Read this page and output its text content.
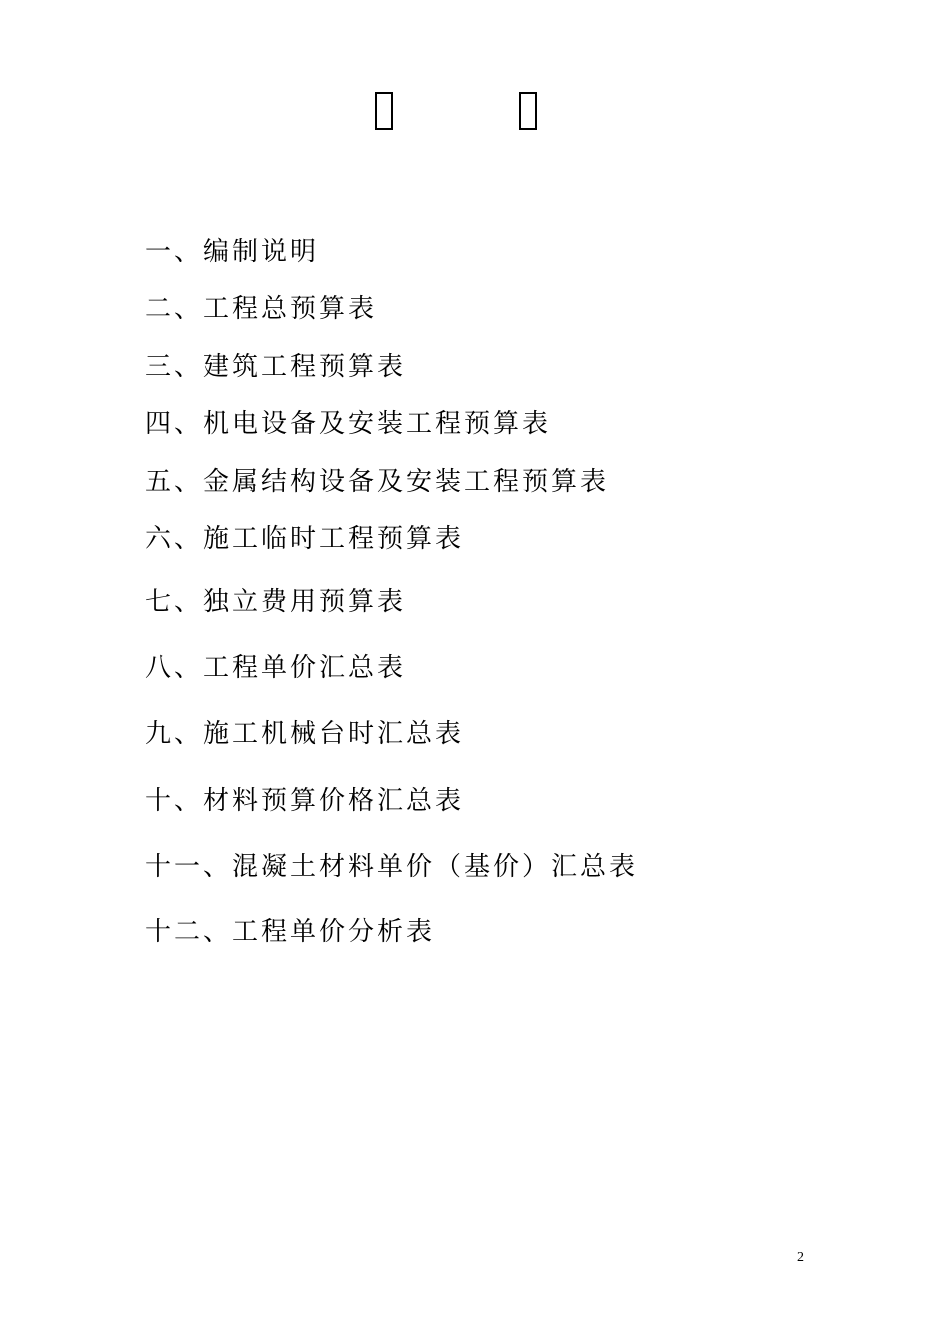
一、编制说明
二、工程总预算表
三、建筑工程预算表
四、机电设备及安装工程预算表
五、金属结构设备及安装工程预算表
六、施工临时工程预算表
七、独立费用预算表
八、工程单价汇总表
九、施工机械台时汇总表
十、材料预算价格汇总表
十一、混凝土材料单价（基价）汇总表
十二、工程单价分析表
2
